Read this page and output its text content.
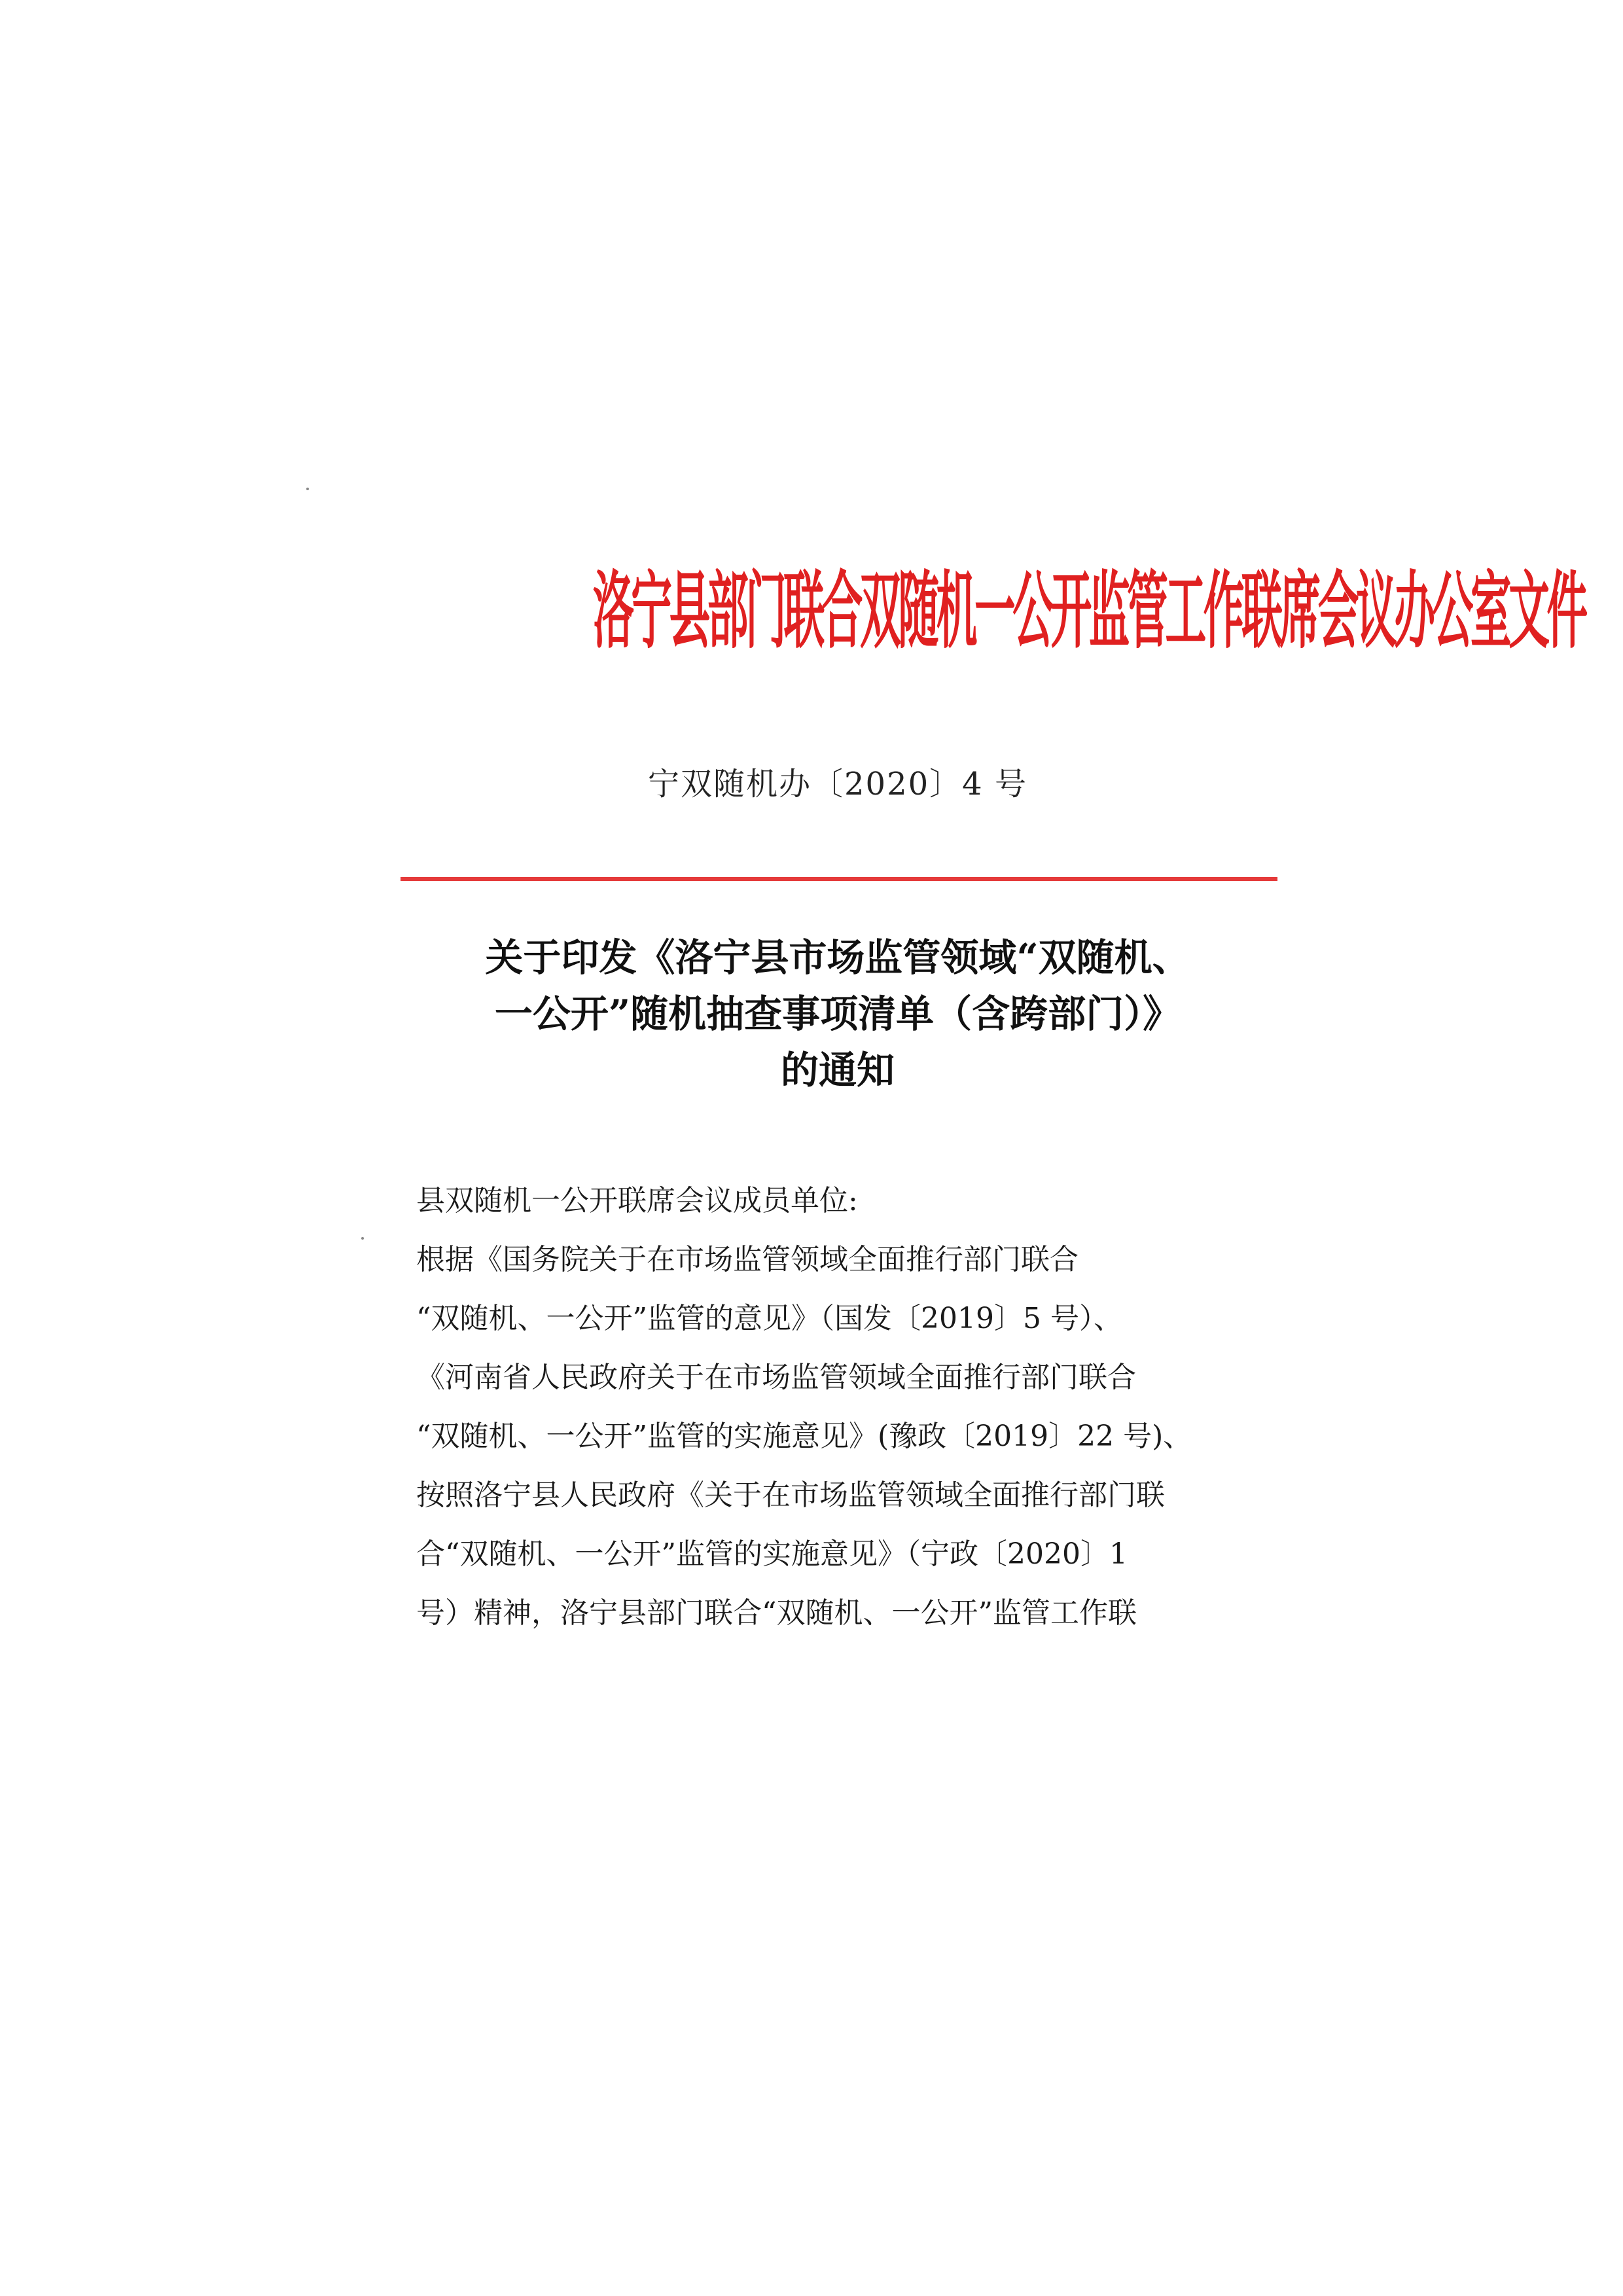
洛宁县部门联合双随机一公开监管工作联席会议办公室文件
宁双随机办〔2020〕4 号
关于印发《洛宁县市场监管领域“双随机、
一公开”随机抽查事项清单（含跨部门）》
的通知
县双随机一公开联席会议成员单位:
根据《国务院关于在市场监管领域全面推行部门联合
“双随机、一公开”监管的意见》（国发〔2019〕5 号）、
《河南省人民政府关于在市场监管领域全面推行部门联合
“双随机、一公开”监管的实施意见》(豫政〔2019〕22 号)、
按照洛宁县人民政府《关于在市场监管领域全面推行部门联
合“双随机、一公开”监管的实施意见》（宁政〔2020〕1
号）精神，洛宁县部门联合“双随机、一公开”监管工作联
